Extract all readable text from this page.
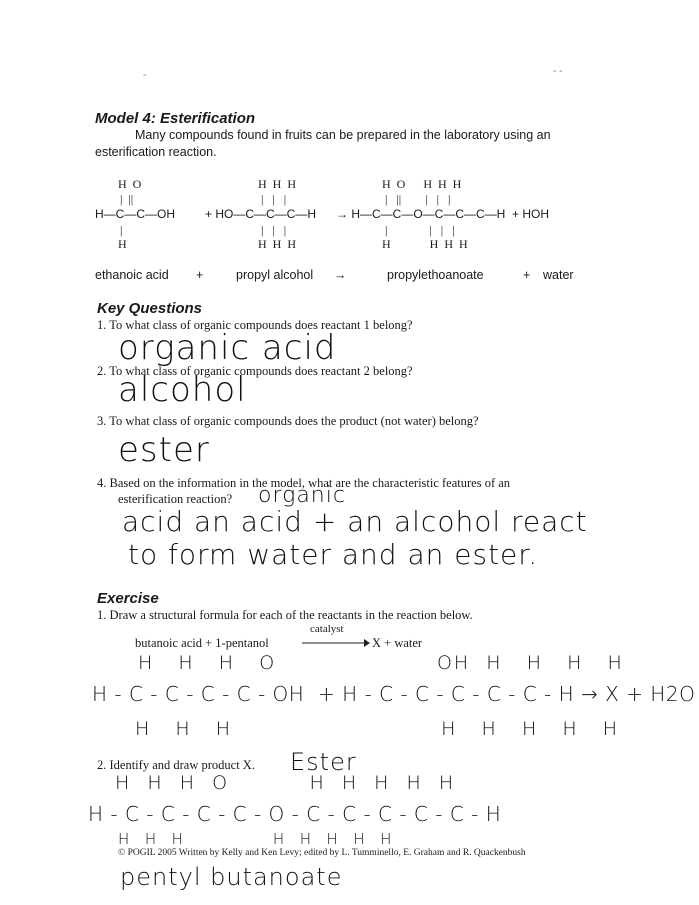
-	- -
Model 4: Esterification
Many compounds found in fruits can be prepared in the laboratory using an
esterification reaction.
H  O
|  ||
H—C—C—OH
|
H
H  H  H
|   |   |
+ HO—C—C—C—H
|   |   |
H  H  H
H  O      H  H  H
|   ||        |   |   |
→ H—C—C—O—C—C—C—H  + HOH
|              |   |   |
H             H  H  H
ethanoic acid +	propyl alcohol →	propylethoanoate	+ water
Key Questions
1. To what class of organic compounds does reactant 1 belong?
organic acid
2. To what class of organic compounds does reactant 2 belong?
alcohol
3. To what class of organic compounds does the product (not water) belong?
ester
4. Based on the information in the model, what are the characteristic features of an
esterification reaction? organic
acid an acid + an alcohol react
to form water and an ester.
Exercise
1. Draw a structural formula for each of the reactants in the reaction below.
catalyst
butanoic acid + 1-pentanol	X + water
H   H   H   O                    OH  H   H   H   H
H - C - C - C - C - OH  + H - C - C - C - C - C - H → X + H2O
H   H   H                          H   H   H   H   H
2. Identify and draw product X. Ester
H  H  H  O          H  H  H  H  H
H - C - C - C - C - O - C - C - C - C - C - H
H  H  H             H  H  H  H  H
© POGIL 2005 Written by Kelly and Ken Levy; edited by L. Tumminello, E. Graham and R. Quackenbush
pentyl butanoate
